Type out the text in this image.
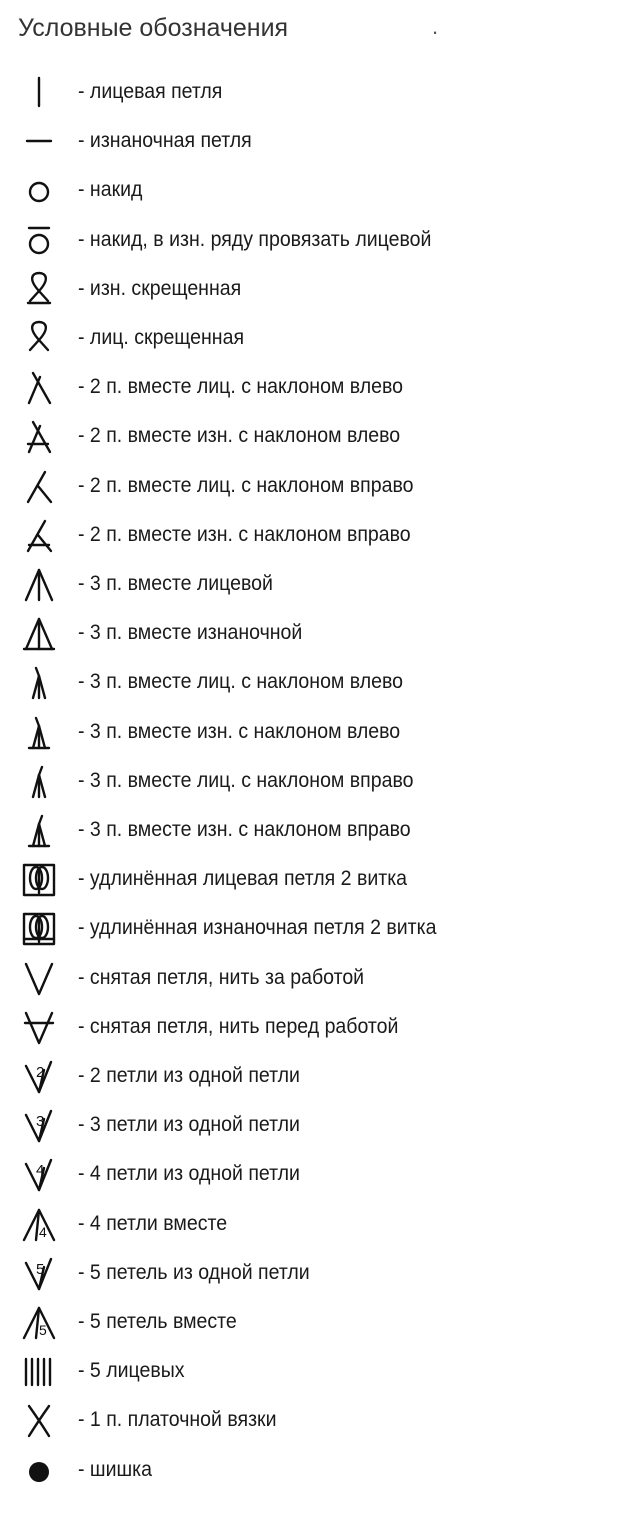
Условные обозначения	.
- лицевая петля
- изнаночная петля
- накид
- накид, в изн. ряду провязать лицевой
- изн. скрещенная
- лиц. скрещенная
- 2 п. вместе лиц. с наклоном влево
- 2 п. вместе изн. с наклоном влево
- 2 п. вместе лиц. с наклоном вправо
- 2 п. вместе изн. с наклоном вправо
- 3 п. вместе лицевой
- 3 п. вместе изнаночной
- 3 п. вместе лиц. с наклоном влево
- 3 п. вместе изн. с наклоном влево
- 3 п. вместе лиц. с наклоном вправо
- 3 п. вместе изн. с наклоном вправо
- удлинённая лицевая петля 2 витка
- удлинённая изнаночная петля 2 витка
- снятая петля, нить за работой
- снятая петля, нить перед работой
2 - 2 петли из одной петли
3 - 3 петли из одной петли
4 - 4 петли из одной петли
4 - 4 петли вместе
5 - 5 петель из одной петли
5 - 5 петель вместе
- 5 лицевых
- 1 п. платочной вязки
- шишка
